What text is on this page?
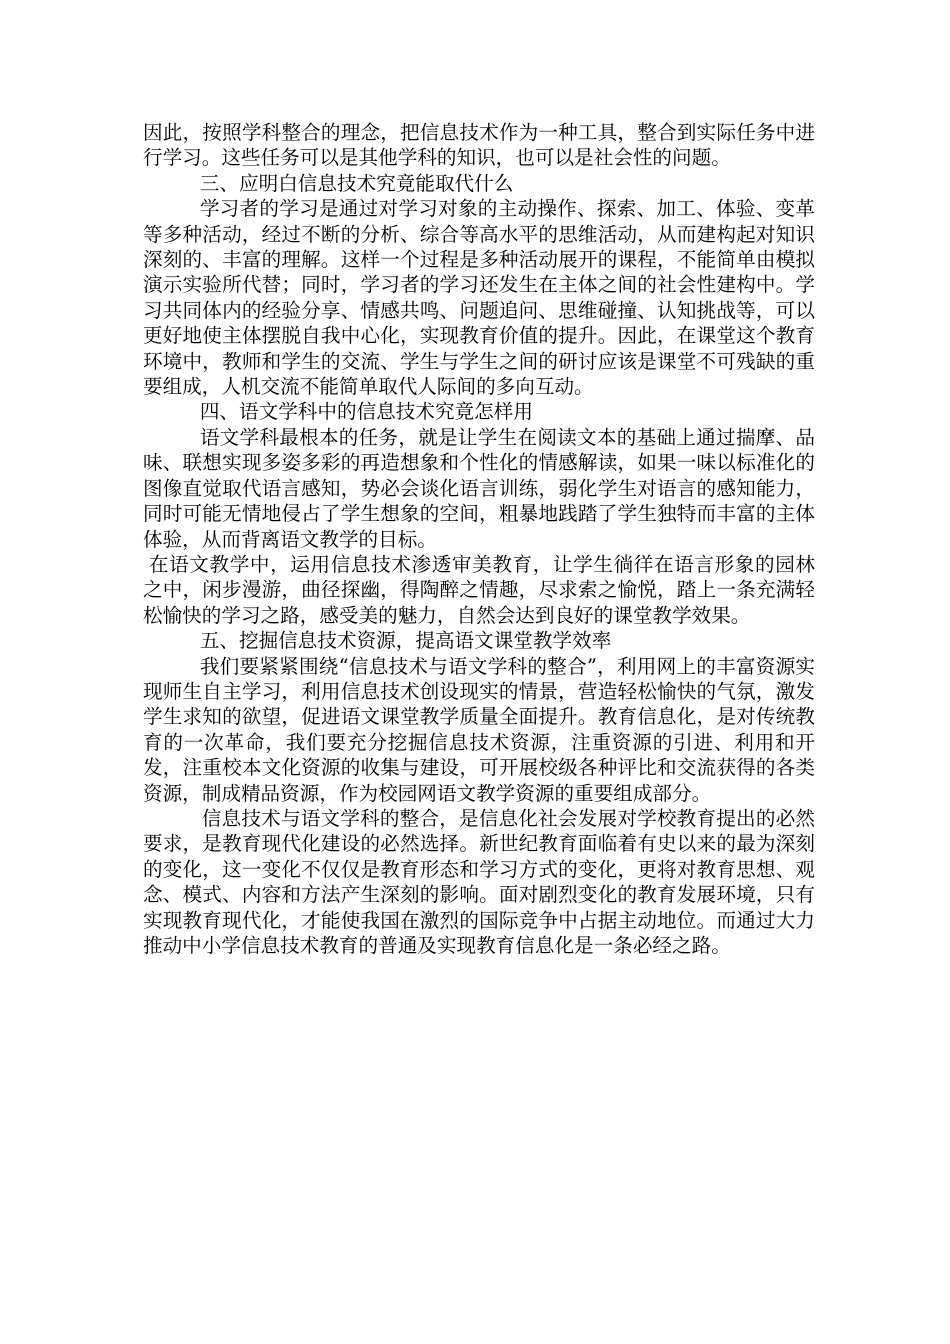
因此，按照学科整合的理念，把信息技术作为一种工具，整合到实际任务中进行学习。这些任务可以是其他学科的知识，也可以是社会性的问题。

三、应明白信息技术究竟能取代什么

学习者的学习是通过对学习对象的主动操作、探索、加工、体验、变革等多种活动，经过不断的分析、综合等高水平的思维活动，从而建构起对知识深刻的、丰富的理解。这样一个过程是多种活动展开的课程，不能简单由模拟演示实验所代替；同时，学习者的学习还发生在主体之间的社会性建构中。学习共同体内的经验分享、情感共鸣、问题追问、思维碰撞、认知挑战等，可以更好地使主体摆脱自我中心化，实现教育价值的提升。因此，在课堂这个教育环境中，教师和学生的交流、学生与学生之间的研讨应该是课堂不可残缺的重要组成，人机交流不能简单取代人际间的多向互动。

四、语文学科中的信息技术究竟怎样用

语文学科最根本的任务，就是让学生在阅读文本的基础上通过揣摩、品味、联想实现多姿多彩的再造想象和个性化的情感解读，如果一味以标准化的图像直觉取代语言感知，势必会谈化语言训练，弱化学生对语言的感知能力，同时可能无情地侵占了学生想象的空间，粗暴地践踏了学生独特而丰富的主体体验，从而背离语文教学的目标。

在语文教学中，运用信息技术渗透审美教育，让学生徜徉在语言形象的园林之中，闲步漫游，曲径探幽，得陶醉之情趣，尽求索之愉悦，踏上一条充满轻松愉快的学习之路，感受美的魅力，自然会达到良好的课堂教学效果。

五、挖掘信息技术资源，提高语文课堂教学效率

我们要紧紧围绕“信息技术与语文学科的整合”，利用网上的丰富资源实现师生自主学习，利用信息技术创设现实的情景，营造轻松愉快的气氛，激发学生求知的欲望，促进语文课堂教学质量全面提升。教育信息化，是对传统教育的一次革命，我们要充分挖掘信息技术资源，注重资源的引进、利用和开发，注重校本文化资源的收集与建设，可开展校级各种评比和交流获得的各类资源，制成精品资源，作为校园网语文教学资源的重要组成部分。

信息技术与语文学科的整合，是信息化社会发展对学校教育提出的必然要求，是教育现代化建设的必然选择。新世纪教育面临着有史以来的最为深刻的变化，这一变化不仅仅是教育形态和学习方式的变化，更将对教育思想、观念、模式、内容和方法产生深刻的影响。面对剧烈变化的教育发展环境，只有实现教育现代化，才能使我国在激烈的国际竞争中占据主动地位。而通过大力推动中小学信息技术教育的普通及实现教育信息化是一条必经之路。
